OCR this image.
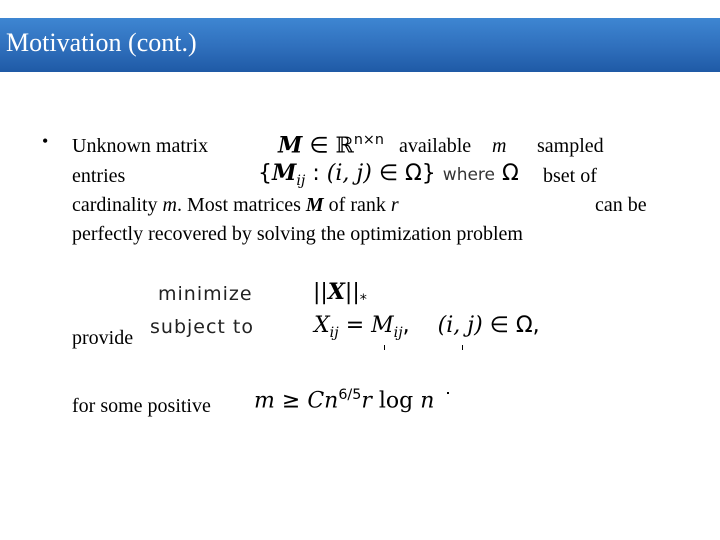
Motivation (cont.)
• Unknown matrix	available m sampled
entries	bset of
cardinality m. Most matrices M of rank r	can be
perfectly recovered by solving the optimization problem
M ∈ ℝ$^{n\times n}$
{$M_{ij}$ : (i, j) ∈ Ω} where Ω
minimize	$||X||_*$
provide subject to	$X_{ij} = M_{ij}$, (i, j) ∈ Ω,
for some positive $m \ge Cn^{6/5}r$ log n
